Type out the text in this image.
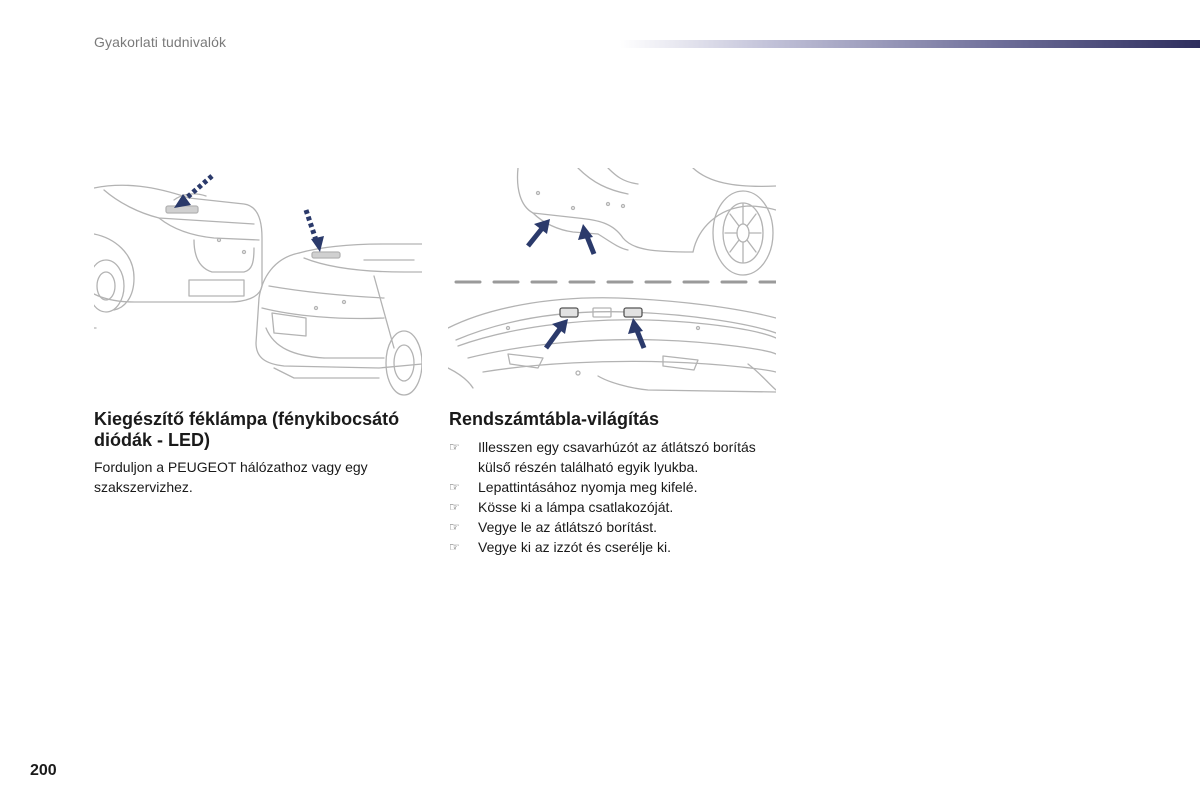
Gyakorlati tudnivalók
Kiegészítő féklámpa (fénykibocsátó diódák - LED)

Forduljon a PEUGEOT hálózathoz vagy egy szakszervizhez.

Rendszámtábla-világítás
☞ Illesszen egy csavarhúzót az átlátszó borítás külső részén található egyik lyukba.
☞ Lepattintásához nyomja meg kifelé.
☞ Kösse ki a lámpa csatlakozóját.
☞ Vegye le az átlátszó borítást.
☞ Vegye ki az izzót és cserélje ki.
200
